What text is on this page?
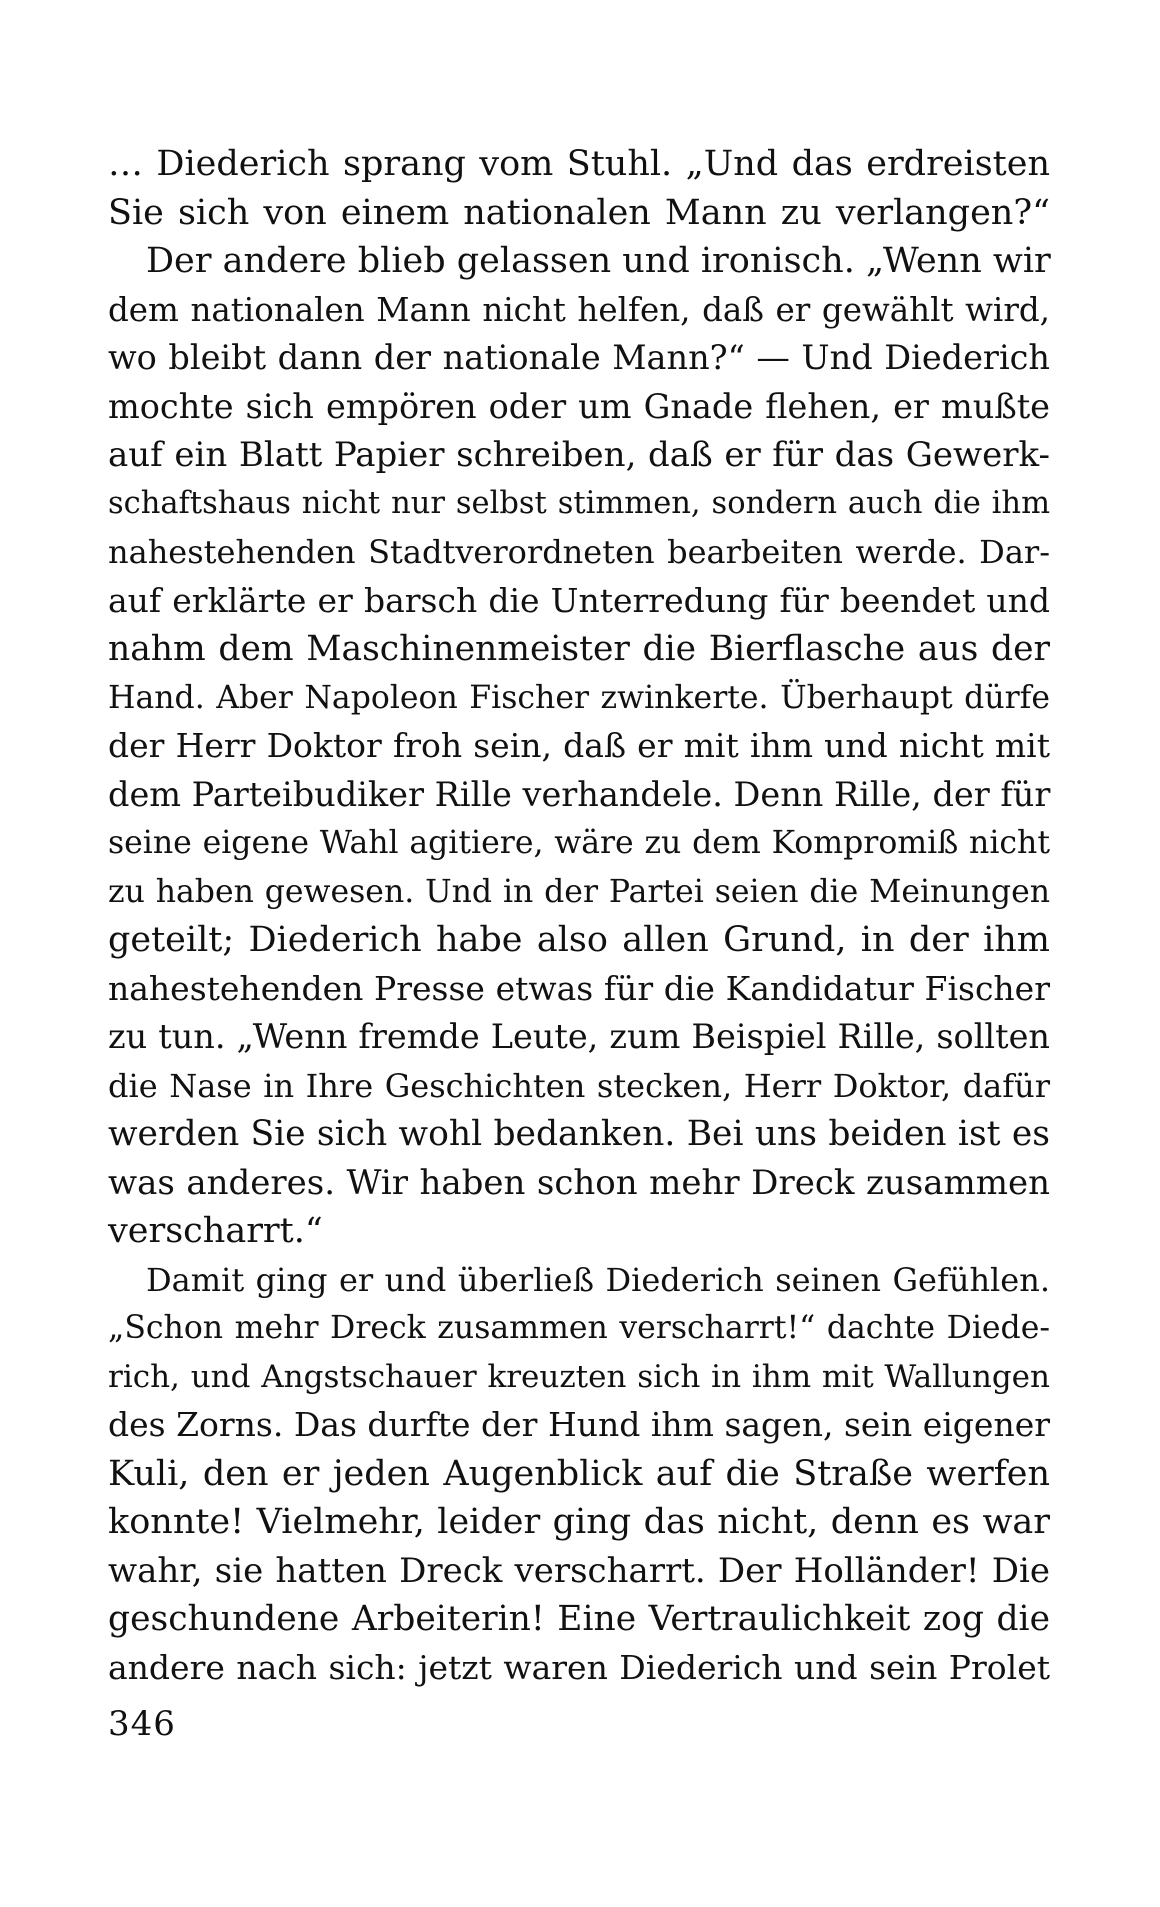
… Diederich sprang vom Stuhl. „Und das erdreisten
Sie sich von einem nationalen Mann zu verlangen?“
Der andere blieb gelassen und ironisch. „Wenn wir
dem nationalen Mann nicht helfen, daß er gewählt wird,
wo bleibt dann der nationale Mann?“ — Und Diederich
mochte sich empören oder um Gnade flehen, er mußte
auf ein Blatt Papier schreiben, daß er für das Gewerk-
schaftshaus nicht nur selbst stimmen, sondern auch die ihm
nahestehenden Stadtverordneten bearbeiten werde. Dar-
auf erklärte er barsch die Unterredung für beendet und
nahm dem Maschinenmeister die Bierflasche aus der
Hand. Aber Napoleon Fischer zwinkerte. Überhaupt dürfe
der Herr Doktor froh sein, daß er mit ihm und nicht mit
dem Parteibudiker Rille verhandele. Denn Rille, der für
seine eigene Wahl agitiere, wäre zu dem Kompromiß nicht
zu haben gewesen. Und in der Partei seien die Meinungen
geteilt; Diederich habe also allen Grund, in der ihm
nahestehenden Presse etwas für die Kandidatur Fischer
zu tun. „Wenn fremde Leute, zum Beispiel Rille, sollten
die Nase in Ihre Geschichten stecken, Herr Doktor, dafür
werden Sie sich wohl bedanken. Bei uns beiden ist es
was anderes. Wir haben schon mehr Dreck zusammen
verscharrt.“
Damit ging er und überließ Diederich seinen Gefühlen.
„Schon mehr Dreck zusammen verscharrt!“ dachte Diede-
rich, und Angstschauer kreuzten sich in ihm mit Wallungen
des Zorns. Das durfte der Hund ihm sagen, sein eigener
Kuli, den er jeden Augenblick auf die Straße werfen
konnte! Vielmehr, leider ging das nicht, denn es war
wahr, sie hatten Dreck verscharrt. Der Holländer! Die
geschundene Arbeiterin! Eine Vertraulichkeit zog die
andere nach sich: jetzt waren Diederich und sein Prolet
346
